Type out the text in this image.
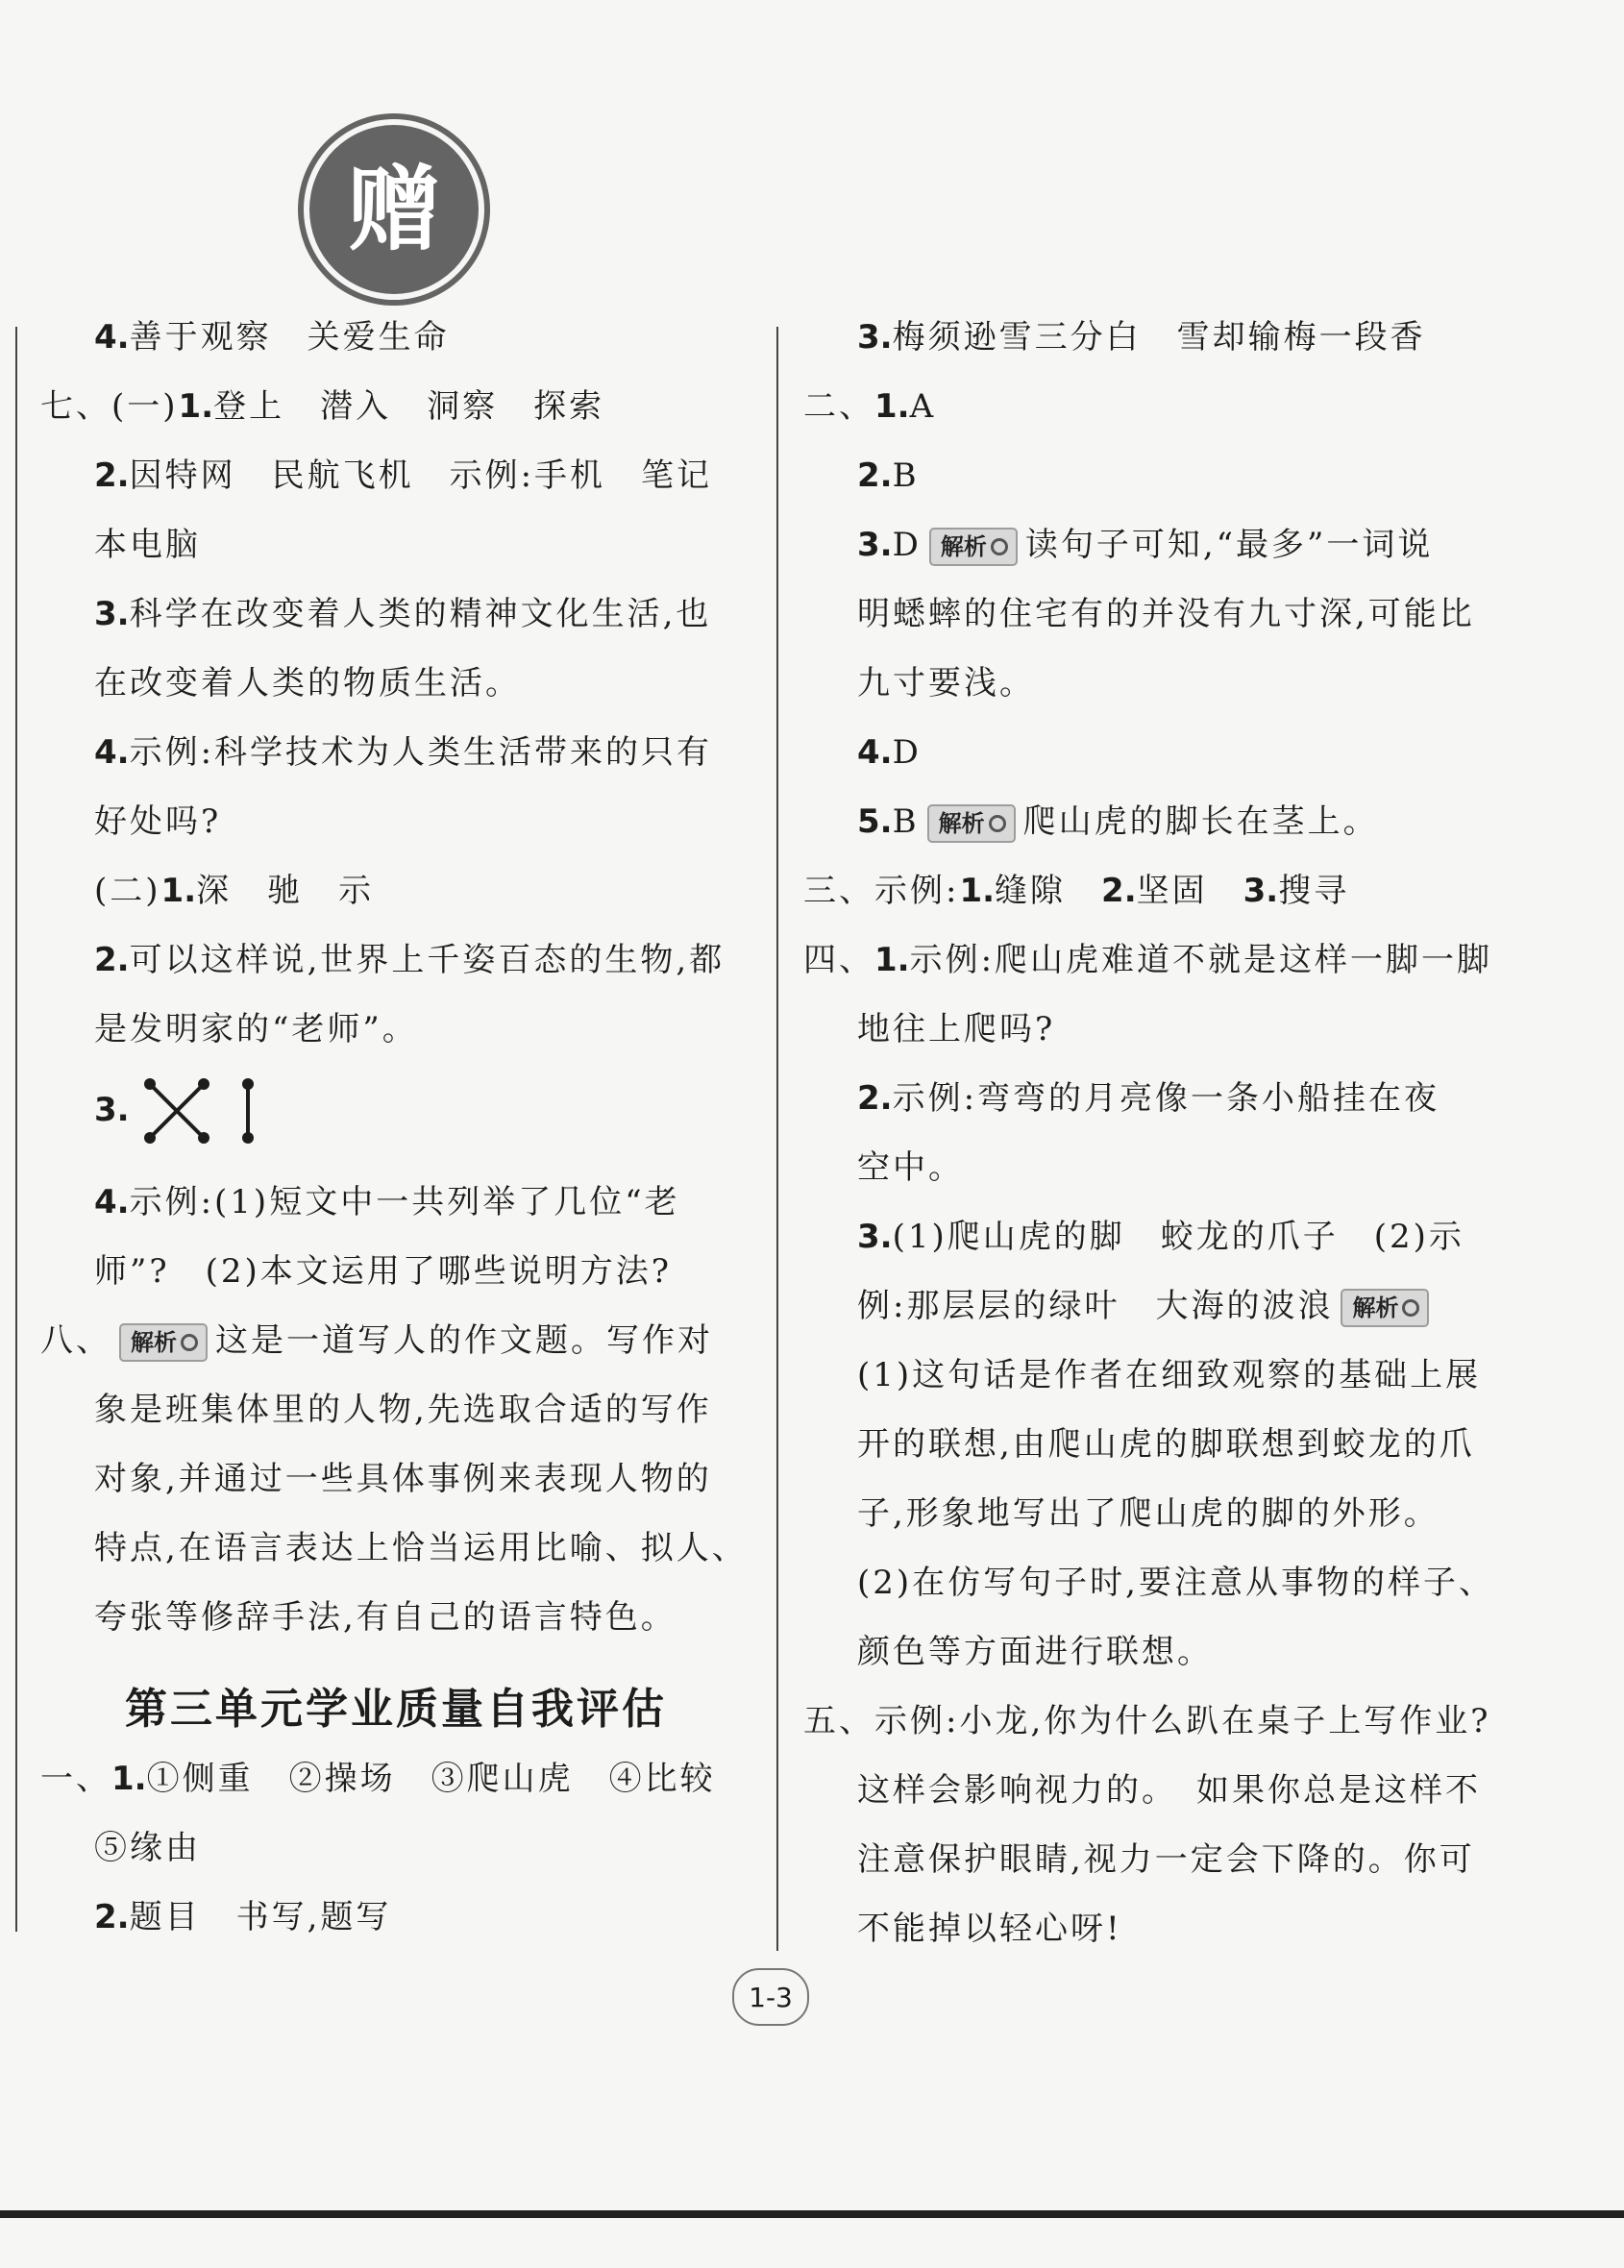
赠
4.善于观察　关爱生命
七、(一)1.登上　潜入　洞察　探索
2.因特网　民航飞机　示例:手机　笔记
本电脑
3.科学在改变着人类的精神文化生活,也
在改变着人类的物质生活。
4.示例:科学技术为人类生活带来的只有
好处吗?
(二)1.深　驰　示
2.可以这样说,世界上千姿百态的生物,都
是发明家的“老师”。
3.
4.示例:(1)短文中一共列举了几位“老
师”?　(2)本文运用了哪些说明方法?
八、 解析 这是一道写人的作文题。写作对
象是班集体里的人物,先选取合适的写作
对象,并通过一些具体事例来表现人物的
特点,在语言表达上恰当运用比喻、拟人、
夸张等修辞手法,有自己的语言特色。
第三单元学业质量自我评估
一、1.①侧重　②操场　③爬山虎　④比较
⑤缘由
2.题目　书写,题写
3.梅须逊雪三分白　雪却输梅一段香
二、1.A
2.B
3.D 解析 读句子可知,“最多”一词说
明蟋蟀的住宅有的并没有九寸深,可能比
九寸要浅。
4.D
5.B 解析 爬山虎的脚长在茎上。
三、示例:1.缝隙　2.坚固　3.搜寻
四、1.示例:爬山虎难道不就是这样一脚一脚
地往上爬吗?
2.示例:弯弯的月亮像一条小船挂在夜
空中。
3.(1)爬山虎的脚　蛟龙的爪子　(2)示
例:那层层的绿叶　大海的波浪 解析
(1)这句话是作者在细致观察的基础上展
开的联想,由爬山虎的脚联想到蛟龙的爪
子,形象地写出了爬山虎的脚的外形。
(2)在仿写句子时,要注意从事物的样子、
颜色等方面进行联想。
五、示例:小龙,你为什么趴在桌子上写作业?
这样会影响视力的。　如果你总是这样不
注意保护眼睛,视力一定会下降的。你可
不能掉以轻心呀!
1-3
